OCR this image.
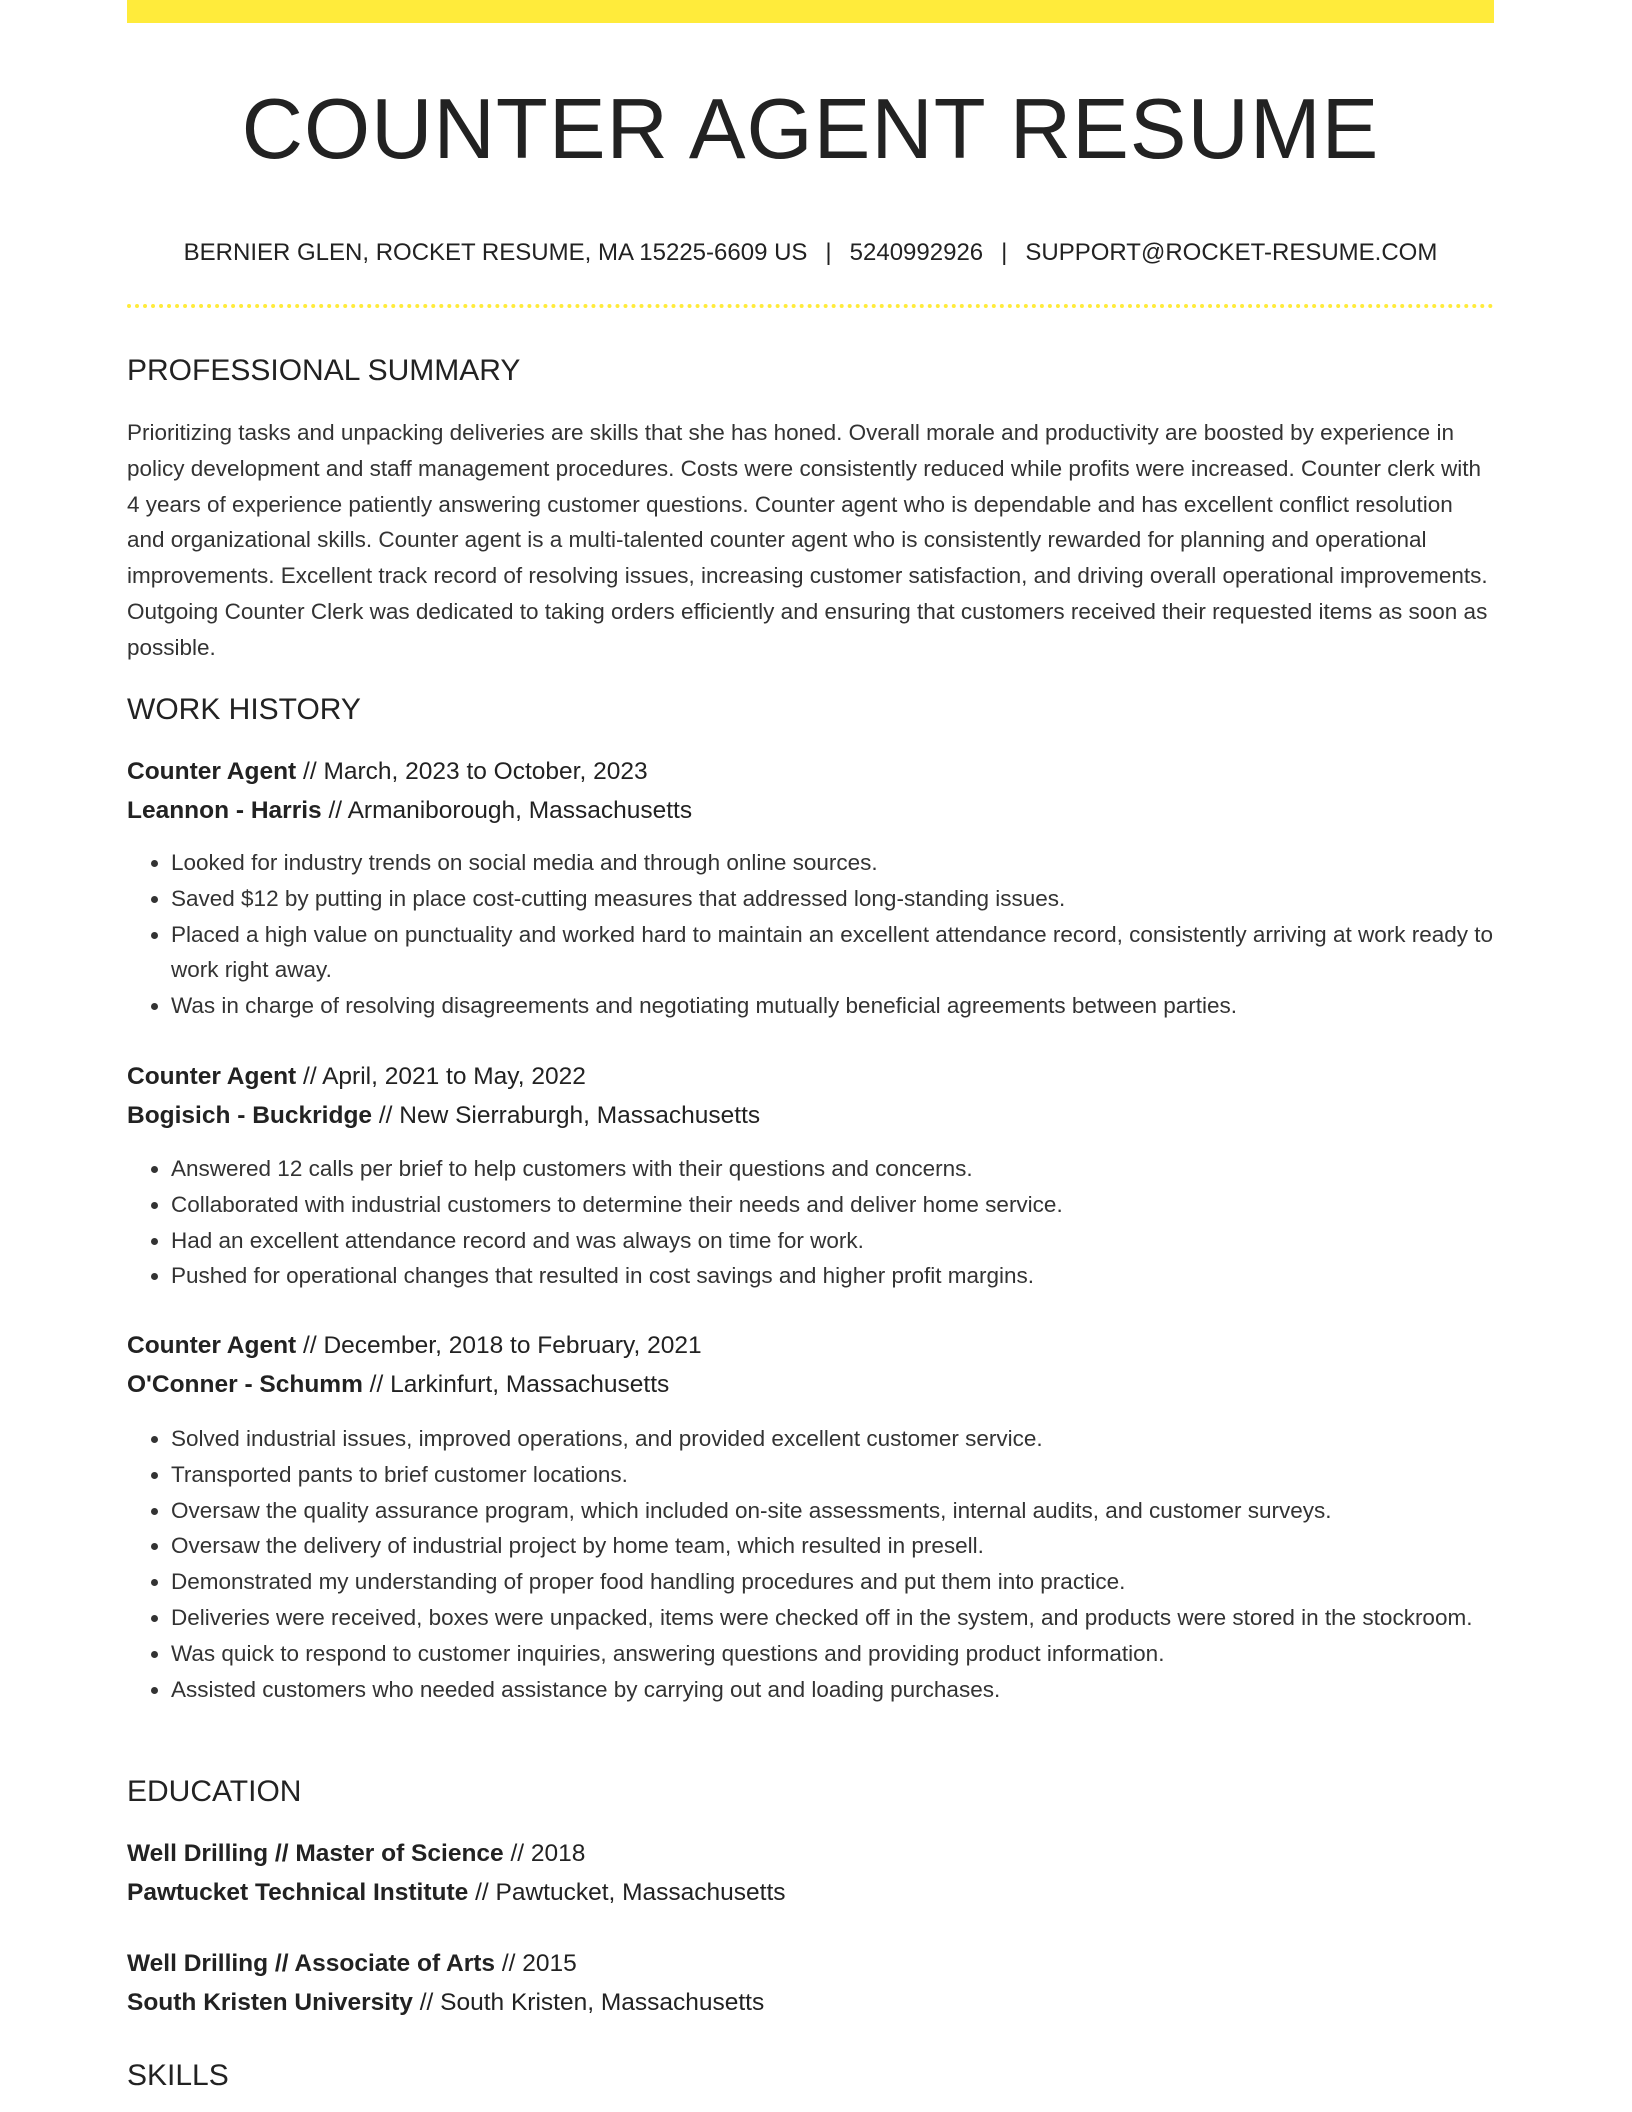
COUNTER AGENT RESUME
BERNIER GLEN, ROCKET RESUME, MA 15225-6609 US | 5240992926 | SUPPORT@ROCKET-RESUME.COM
PROFESSIONAL SUMMARY
Prioritizing tasks and unpacking deliveries are skills that she has honed. Overall morale and productivity are boosted by experience in policy development and staff management procedures. Costs were consistently reduced while profits were increased. Counter clerk with 4 years of experience patiently answering customer questions. Counter agent who is dependable and has excellent conflict resolution and organizational skills. Counter agent is a multi-talented counter agent who is consistently rewarded for planning and operational improvements. Excellent track record of resolving issues, increasing customer satisfaction, and driving overall operational improvements. Outgoing Counter Clerk was dedicated to taking orders efficiently and ensuring that customers received their requested items as soon as possible.
WORK HISTORY
Counter Agent // March, 2023 to October, 2023
Leannon - Harris // Armaniborough, Massachusetts
• Looked for industry trends on social media and through online sources.
• Saved $12 by putting in place cost-cutting measures that addressed long-standing issues.
• Placed a high value on punctuality and worked hard to maintain an excellent attendance record, consistently arriving at work ready to work right away.
• Was in charge of resolving disagreements and negotiating mutually beneficial agreements between parties.
Counter Agent // April, 2021 to May, 2022
Bogisich - Buckridge // New Sierraburgh, Massachusetts
• Answered 12 calls per brief to help customers with their questions and concerns.
• Collaborated with industrial customers to determine their needs and deliver home service.
• Had an excellent attendance record and was always on time for work.
• Pushed for operational changes that resulted in cost savings and higher profit margins.
Counter Agent // December, 2018 to February, 2021
O'Conner - Schumm // Larkinfurt, Massachusetts
• Solved industrial issues, improved operations, and provided excellent customer service.
• Transported pants to brief customer locations.
• Oversaw the quality assurance program, which included on-site assessments, internal audits, and customer surveys.
• Oversaw the delivery of industrial project by home team, which resulted in presell.
• Demonstrated my understanding of proper food handling procedures and put them into practice.
• Deliveries were received, boxes were unpacked, items were checked off in the system, and products were stored in the stockroom.
• Was quick to respond to customer inquiries, answering questions and providing product information.
• Assisted customers who needed assistance by carrying out and loading purchases.
EDUCATION
Well Drilling // Master of Science // 2018
Pawtucket Technical Institute // Pawtucket, Massachusetts
Well Drilling // Associate of Arts // 2015
South Kristen University // South Kristen, Massachusetts
SKILLS
